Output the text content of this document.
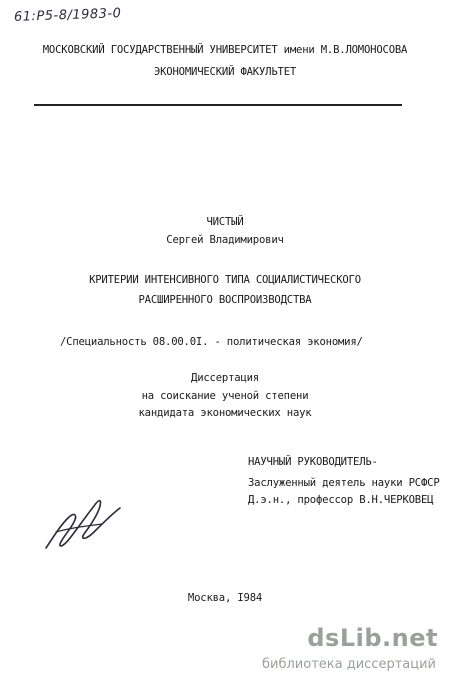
61:Р5-8/1983-0
МОСКОВСКИЙ ГОСУДАРСТВЕННЫЙ УНИВЕРСИТЕТ имени М.В.ЛОМОНОСОВА
ЭКОНОМИЧЕСКИЙ ФАКУЛЬТЕТ
ЧИСТЫЙ
Сергей Владимирович
КРИТЕРИИ ИНТЕНСИВНОГО ТИПА СОЦИАЛИСТИЧЕСКОГО
РАСШИРЕННОГО ВОСПРОИЗВОДСТВА
/Специальность 08.00.0I. - политическая экономия/
Диссертация
на соискание ученой степени
кандидата экономических наук
НАУЧНЫЙ РУКОВОДИТЕЛЬ-
Заслуженный деятель науки РСФСР
Д.э.н., профессор В.Н.ЧЕРКОВЕЦ
Москва, I984
dsLib.net
библиотека диссертаций
